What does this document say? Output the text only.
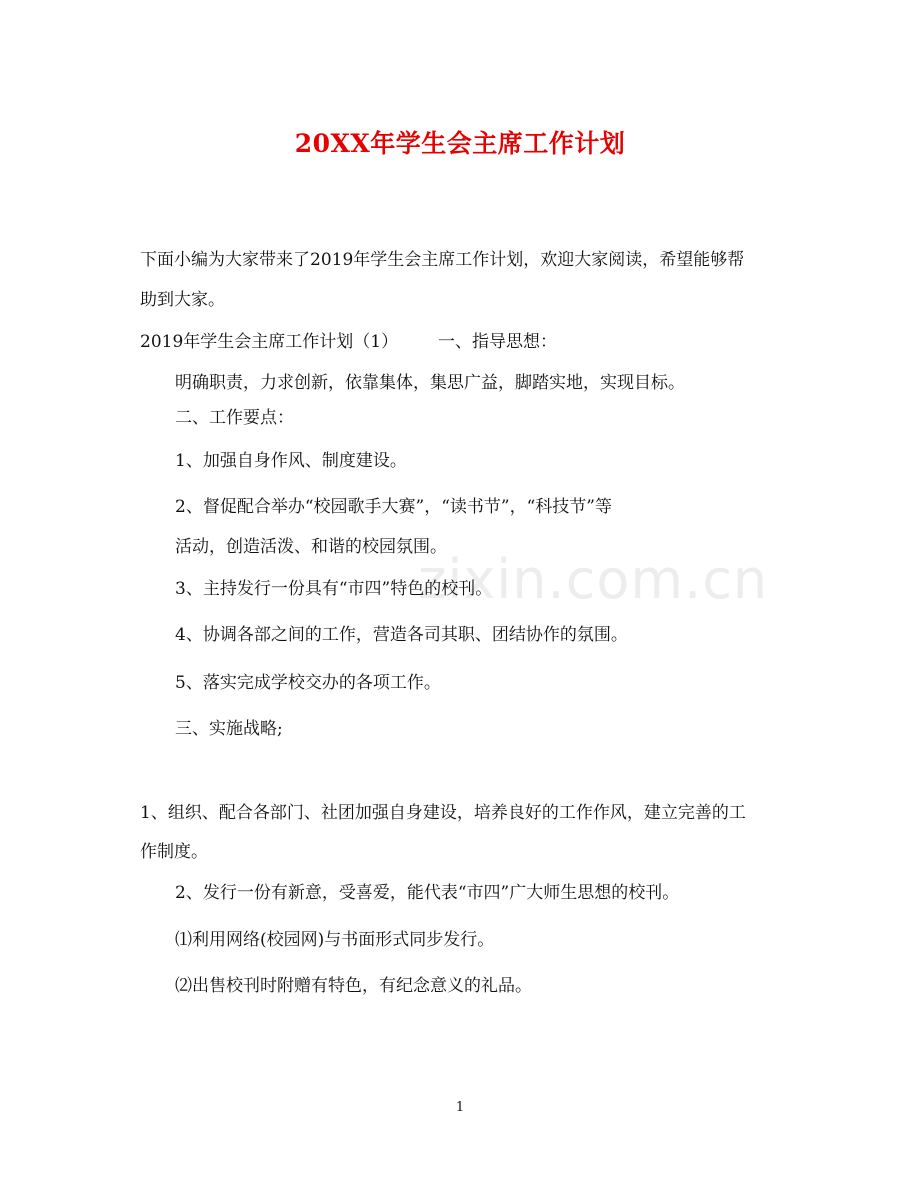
zixin.com.cn
20XX年学生会主席工作计划
下面小编为大家带来了2019年学生会主席工作计划，欢迎大家阅读，希望能够帮
助到大家。
2019年学生会主席工作计划（1） 一、指导思想：
明确职责，力求创新，依靠集体，集思广益，脚踏实地，实现目标。
二、工作要点：
1、加强自身作风、制度建设。
2、督促配合举办“校园歌手大赛”，“读书节”，“科技节”等
活动，创造活泼、和谐的校园氛围。
3、主持发行一份具有“市四”特色的校刊。
4、协调各部之间的工作，营造各司其职、团结协作的氛围。
5、落实完成学校交办的各项工作。
三、实施战略;
1、组织、配合各部门、社团加强自身建设，培养良好的工作作风，建立完善的工
作制度。
2、发行一份有新意，受喜爱，能代表“市四”广大师生思想的校刊。
⑴利用网络(校园网)与书面形式同步发行。
⑵出售校刊时附赠有特色，有纪念意义的礼品。
1
